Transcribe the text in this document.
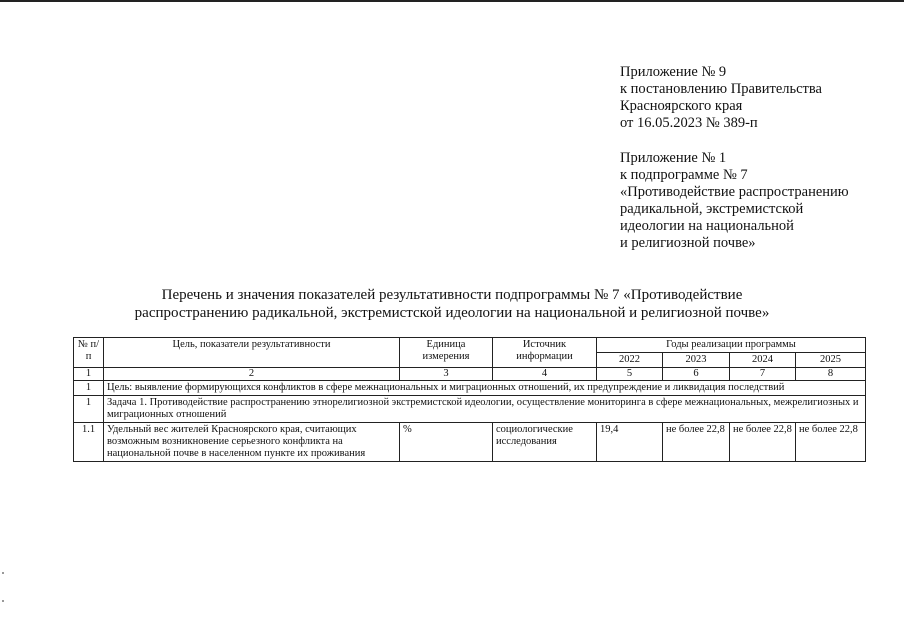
Приложение № 9
к постановлению Правительства
Красноярского края
от 16.05.2023 № 389-п
Приложение № 1
к подпрограмме № 7
«Противодействие распространению
радикальной, экстремистской
идеологии на национальной
и религиозной почве»
Перечень и значения показателей результативности подпрограммы № 7 «Противодействие
распространению радикальной, экстремистской идеологии на национальной и религиозной почве»
№ п/п	Цель, показатели результативности	Единица измерения	Источник информации	Годы реализации программы			
				2022	2023	2024	2025
1	2	3	4	5	6	7	8
1	Цель: выявление формирующихся конфликтов в сфере межнациональных и миграционных отношений, их предупреждение и ликвидация последствий						
1	Задача 1. Противодействие распространению этнорелигиозной экстремистской идеологии, осуществление мониторинга в сфере межнациональных, межрелигиозных и миграционных отношений						
1.1	Удельный вес жителей Красноярского края, считающих возможным возникновение серьезного конфликта на национальной почве в населенном пункте их проживания	%	социологические исследования	19,4	не более 22,8	не более 22,8	не более 22,8
